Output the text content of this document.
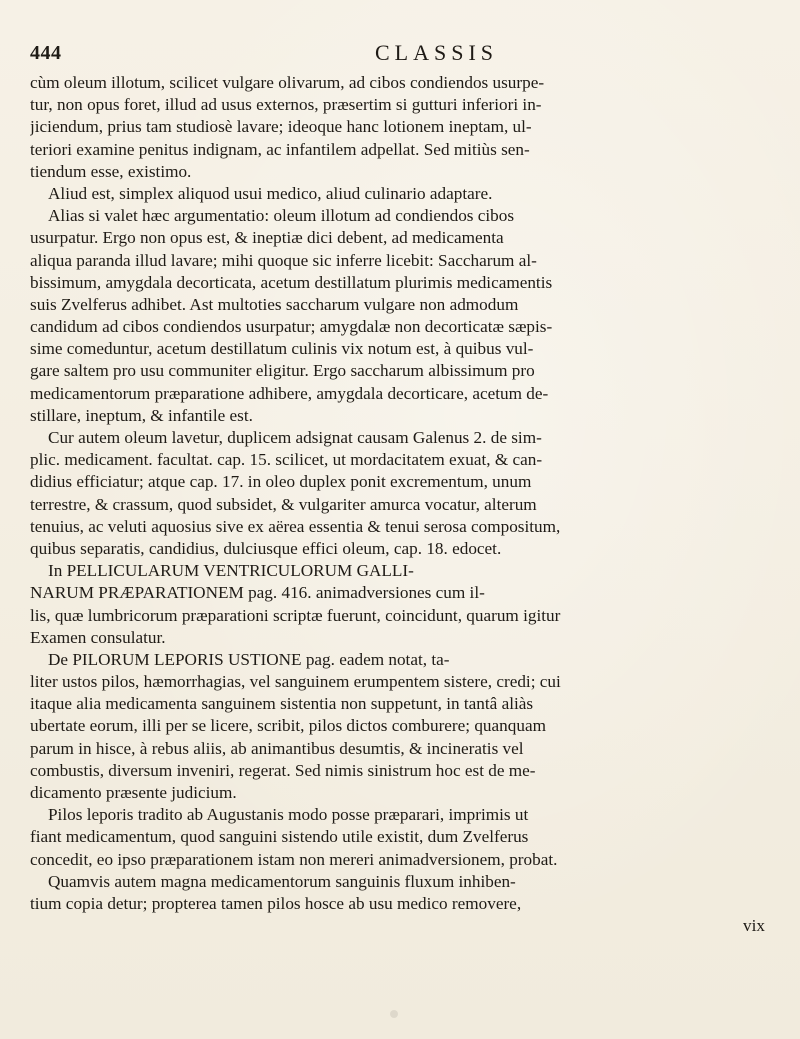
444	CLASSIS
cùm oleum illotum, scilicet vulgare olivarum, ad cibos condiendos usurpe-
tur, non opus foret, illud ad usus externos, præsertim si gutturi inferiori in-
jiciendum, prius tam studiosè lavare; ideoque hanc lotionem ineptam, ul-
teriori examine penitus indignam, ac infantilem adpellat. Sed mitiùs sen-
tiendum esse, existimo.
Aliud est, simplex aliquod usui medico, aliud culinario adaptare.
Alias si valet hæc argumentatio: oleum illotum ad condiendos cibos
usurpatur. Ergo non opus est, & ineptiæ dici debent, ad medicamenta
aliqua paranda illud lavare; mihi quoque sic inferre licebit: Saccharum al-
bissimum, amygdala decorticata, acetum destillatum plurimis medicamentis
suis Zvelferus adhibet. Ast multoties saccharum vulgare non admodum
candidum ad cibos condiendos usurpatur; amygdalæ non decorticatæ sæpis-
sime comeduntur, acetum destillatum culinis vix notum est, à quibus vul-
gare saltem pro usu communiter eligitur. Ergo saccharum albissimum pro
medicamentorum præparatione adhibere, amygdala decorticare, acetum de-
stillare, ineptum, & infantile est.
Cur autem oleum lavetur, duplicem adsignat causam Galenus 2. de sim-
plic. medicament. facultat. cap. 15. scilicet, ut mordacitatem exuat, & can-
didius efficiatur; atque cap. 17. in oleo duplex ponit excrementum, unum
terrestre, & crassum, quod subsidet, & vulgariter amurca vocatur, alterum
tenuius, ac veluti aquosius sive ex aërea essentia & tenui serosa compositum,
quibus separatis, candidius, dulciusque effici oleum, cap. 18. edocet.
In PELLICULARUM VENTRICULORUM GALLI-
NARUM PRÆPARATIONEM pag. 416. animadversiones cum il-
lis, quæ lumbricorum præparationi scriptæ fuerunt, coincidunt, quarum igitur
Examen consulatur.
De PILORUM LEPORIS USTIONE pag. eadem notat, ta-
liter ustos pilos, hæmorrhagias, vel sanguinem erumpentem sistere, credi; cui
itaque alia medicamenta sanguinem sistentia non suppetunt, in tantâ aliàs
ubertate eorum, illi per se licere, scribit, pilos dictos comburere; quanquam
parum in hisce, à rebus aliis, ab animantibus desumtis, & incineratis vel
combustis, diversum inveniri, regerat. Sed nimis sinistrum hoc est de me-
dicamento præsente judicium.
Pilos leporis tradito ab Augustanis modo posse præparari, imprimis ut
fiant medicamentum, quod sanguini sistendo utile existit, dum Zvelferus
concedit, eo ipso præparationem istam non mereri animadversionem, probat.
Quamvis autem magna medicamentorum sanguinis fluxum inhiben-
tium copia detur; propterea tamen pilos hosce ab usu medico removere,
vix
